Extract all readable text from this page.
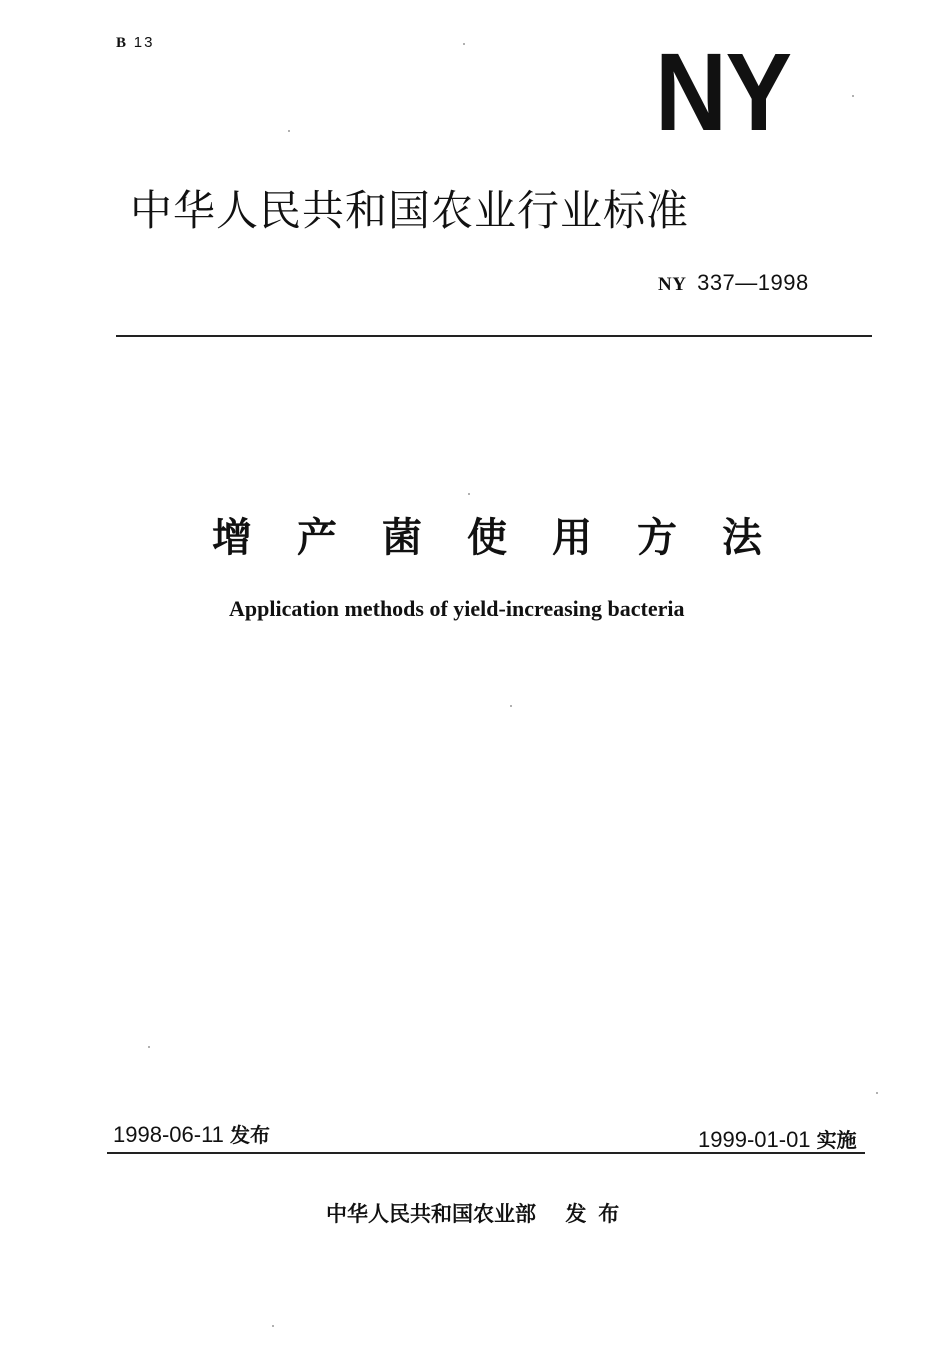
B 13	NY
中华人民共和国农业行业标准
NY 337—1998
增产菌使用方法
Application methods of yield-increasing bacteria
1998-06-11 发布	1999-01-01 实施
中华人民共和国农业部 发布
